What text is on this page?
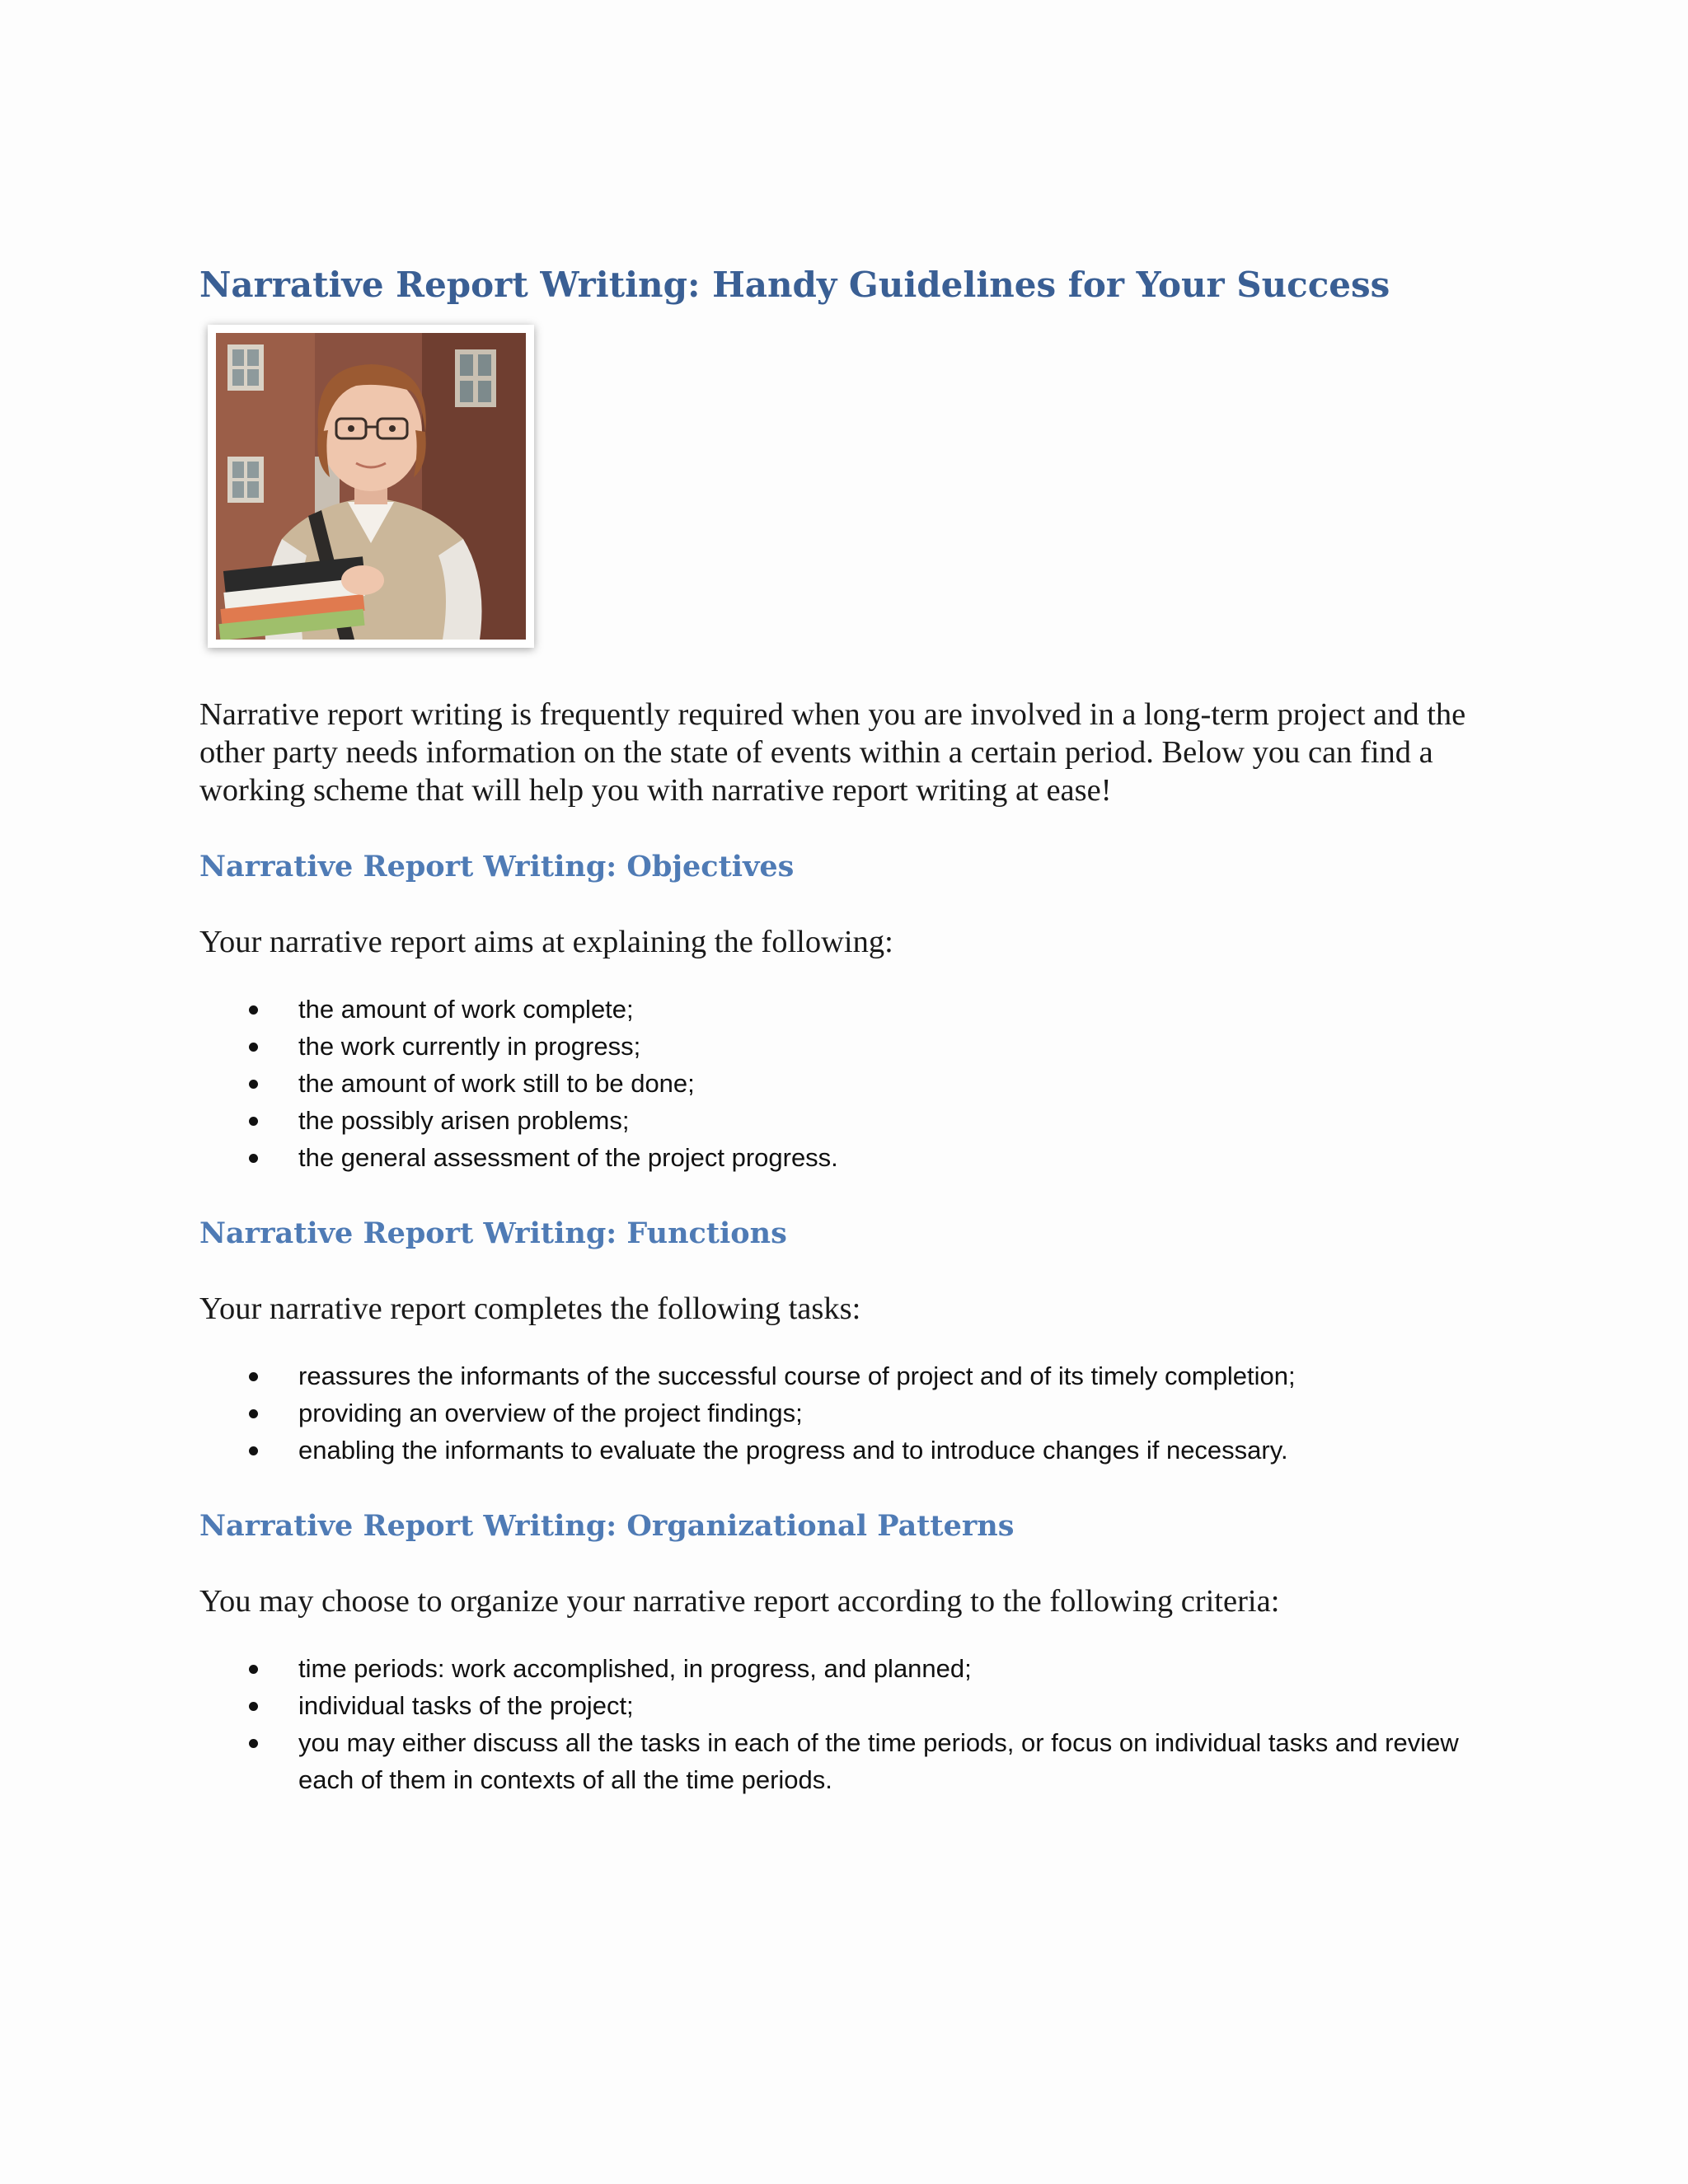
Narrative Report Writing: Handy Guidelines for Your Success

Narrative report writing is frequently required when you are involved in a long-term project and the other party needs information on the state of events within a certain period. Below you can find a working scheme that will help you with narrative report writing at ease!

Narrative Report Writing: Objectives

Your narrative report aims at explaining the following:

the amount of work complete;
the work currently in progress;
the amount of work still to be done;
the possibly arisen problems;
the general assessment of the project progress.
Narrative Report Writing: Functions

Your narrative report completes the following tasks:

reassures the informants of the successful course of project and of its timely completion;
providing an overview of the project findings;
enabling the informants to evaluate the progress and to introduce changes if necessary.
Narrative Report Writing: Organizational Patterns

You may choose to organize your narrative report according to the following criteria:

time periods: work accomplished, in progress, and planned;
individual tasks of the project;
you may either discuss all the tasks in each of the time periods, or focus on individual tasks and review each of them in contexts of all the time periods.
